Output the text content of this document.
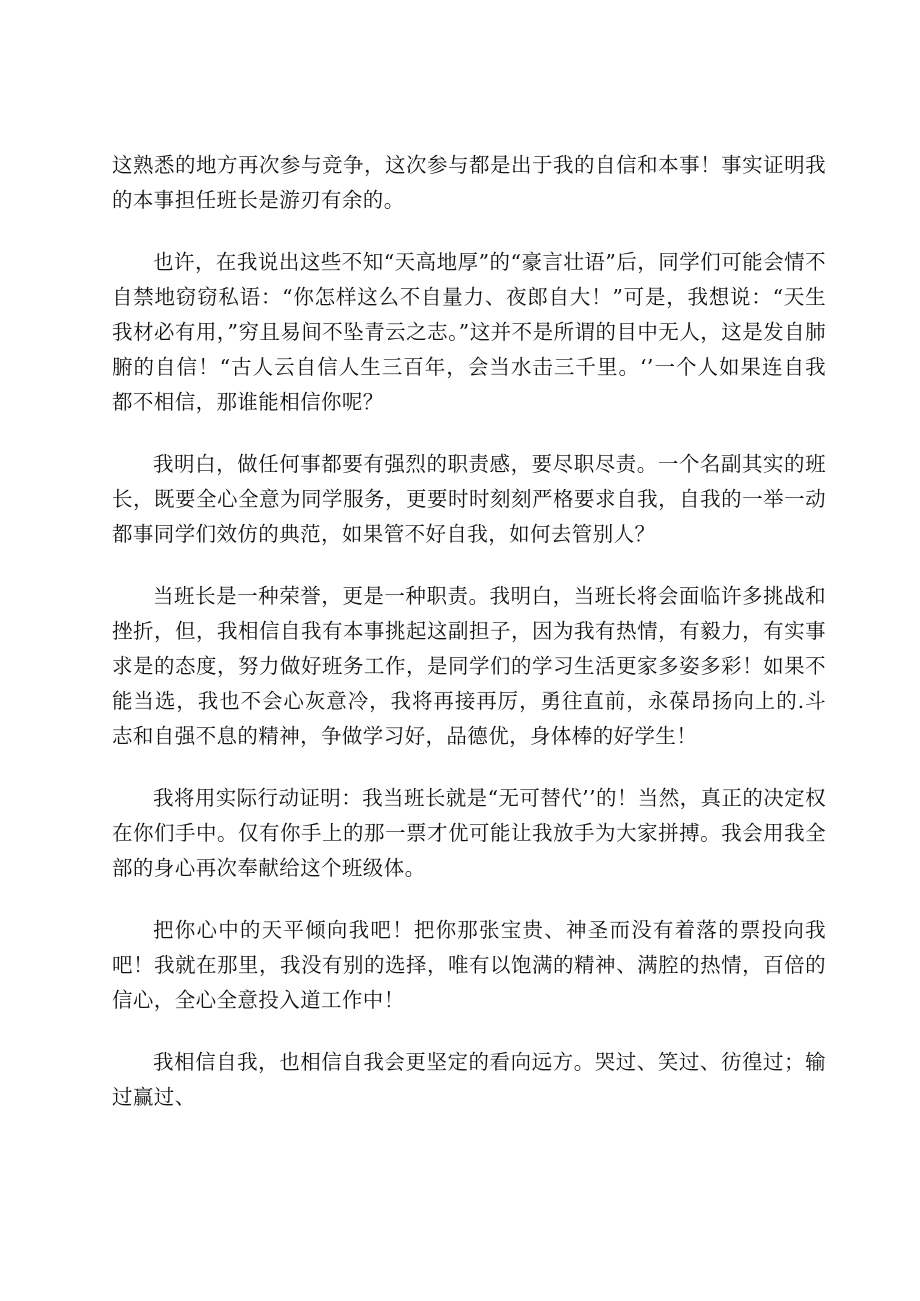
这熟悉的地方再次参与竞争，这次参与都是出于我的自信和本事！事实证明我的本事担任班长是游刃有余的。

也许，在我说出这些不知“天高地厚”的“豪言壮语”后，同学们可能会情不自禁地窃窃私语：“你怎样这么不自量力、夜郎自大！”可是，我想说：“天生我材必有用，”穷且易间不坠青云之志。”这并不是所谓的目中无人，这是发自肺腑的自信！“古人云自信人生三百年，会当水击三千里。‘’一个人如果连自我都不相信，那谁能相信你呢？

我明白，做任何事都要有强烈的职责感，要尽职尽责。一个名副其实的班长，既要全心全意为同学服务，更要时时刻刻严格要求自我，自我的一举一动都事同学们效仿的典范，如果管不好自我，如何去管别人？

当班长是一种荣誉，更是一种职责。我明白，当班长将会面临许多挑战和挫折，但，我相信自我有本事挑起这副担子，因为我有热情，有毅力，有实事求是的态度，努力做好班务工作，是同学们的学习生活更家多姿多彩！如果不能当选，我也不会心灰意冷，我将再接再厉，勇往直前，永葆昂扬向上的.斗志和自强不息的精神，争做学习好，品德优，身体棒的好学生！

我将用实际行动证明：我当班长就是“无可替代’’的！当然，真正的决定权在你们手中。仅有你手上的那一票才优可能让我放手为大家拼搏。我会用我全部的身心再次奉献给这个班级体。

把你心中的天平倾向我吧！把你那张宝贵、神圣而没有着落的票投向我吧！我就在那里，我没有别的选择，唯有以饱满的精神、满腔的热情，百倍的信心，全心全意投入道工作中！

我相信自我，也相信自我会更坚定的看向远方。哭过、笑过、彷徨过；输过赢过、
